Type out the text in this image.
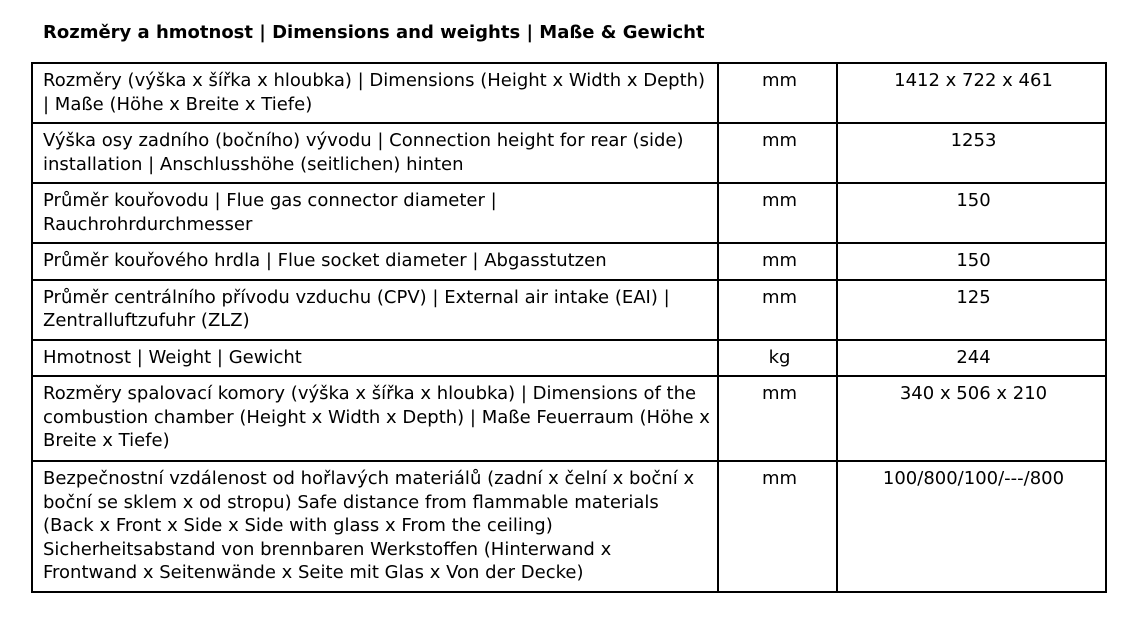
Rozměry a hmotnost | Dimensions and weights | Maße & Gewicht
Rozměry (výška x šířka x hloubka) | Dimensions (Height x Width x Depth) | Maße (Höhe x Breite x Tiefe)	mm	1412 x 722 x 461
Výška osy zadního (bočního) vývodu | Connection height for rear (side) installation | Anschlusshöhe (seitlichen) hinten	mm	1253
Průměr kouřovodu | Flue gas connector diameter | Rauchrohrdurchmesser	mm	150
Průměr kouřového hrdla | Flue socket diameter | Abgasstutzen	mm	150
Průměr centrálního přívodu vzduchu (CPV) | External air intake (EAI) | Zentralluftzufuhr (ZLZ)	mm	125
Hmotnost | Weight | Gewicht	kg	244
Rozměry spalovací komory (výška x šířka x hloubka) | Dimensions of the combustion chamber (Height x Width x Depth) | Maße Feuerraum (Höhe x Breite x Tiefe)	mm	340 x 506 x 210
Bezpečnostní vzdálenost od hořlavých materiálů (zadní x čelní x boční x boční se sklem x od stropu) Safe distance from flammable materials (Back x Front x Side x Side with glass x From the ceiling) Sicherheitsabstand von brennbaren Werkstoffen (Hinterwand x Frontwand x Seitenwände x Seite mit Glas x Von der Decke)	mm	100/800/100/---/800
